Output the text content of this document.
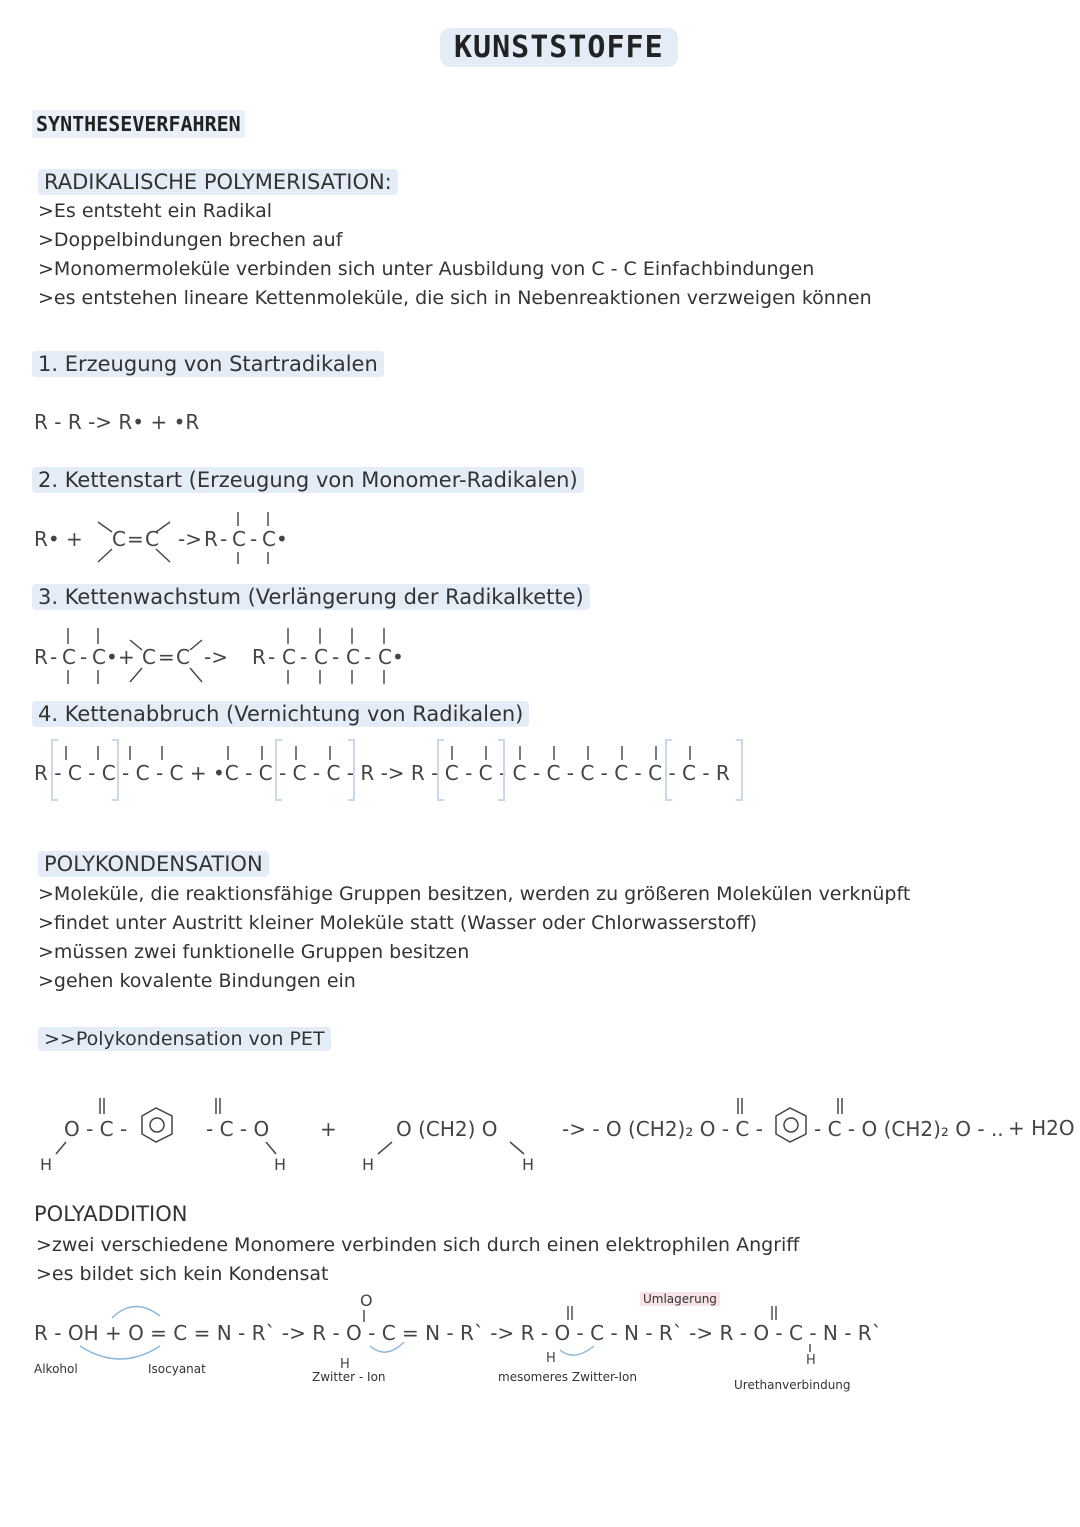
KUNSTSTOFFE
SYNTHESEVERFAHREN
RADIKALISCHE POLYMERISATION:
>Es entsteht ein Radikal
>Doppelbindungen brechen auf
>Monomermoleküle verbinden sich unter Ausbildung von C - C Einfachbindungen
>es entstehen lineare Kettenmoleküle, die sich in Nebenreaktionen verzweigen können
1. Erzeugung von Startradikalen
R - R -> R• + •R
2. Kettenstart (Erzeugung von Monomer-Radikalen)
3. Kettenwachstum (Verlängerung der Radikalkette)
4. Kettenabbruch (Vernichtung von Radikalen)
POLYKONDENSATION
>Moleküle, die reaktionsfähige Gruppen besitzen, werden zu größeren Molekülen verknüpft
>findet unter Austritt kleiner Moleküle statt (Wasser oder Chlorwasserstoff)
>müssen zwei funktionelle Gruppen besitzen
>gehen kovalente Bindungen ein
>>Polykondensation von PET
+ H2O
POLYADDITION
>zwei verschiedene Monomere verbinden sich durch einen elektrophilen Angriff
>es bildet sich kein Kondensat
Alkohol	Isocyanat
Zwitter - Ion	mesomeres Zwitter-Ion
Umlagerung
Urethanverbindung
R• + C = C -> R - C - C•
R - C - C• + C = C -> R - C - C - C - C•
R - C - C - C - C + •C - C - C - C - R -> R - C - C - C - C - C - C - C - C - R
O - C -	- C - O
H	H
+	O (CH2) O
H	H
-> - O (CH2)₂ O - C -	- C - O (CH2)₂ O - ..
R - OH + O = C = N - R` -> R - O - C = N - R` -> R - O - C - N - R` -> R - O - C - N - R`
O
H	H	H
